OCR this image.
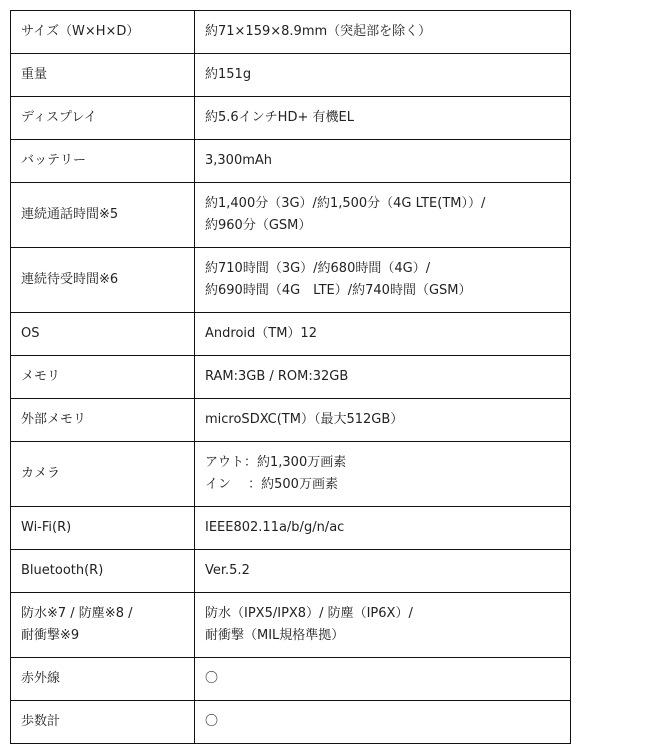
サイズ（W×H×D）	約71×159×8.9mm（突起部を除く）

重量	約151g

ディスプレイ	約5.6インチHD+ 有機EL

バッテリー	3,300mAh

連続通話時間※5	約1,400分（3G）/約1,500分（4G LTE(TM））/
約960分（GSM）

連続待受時間※6	約710時間（3G）/約680時間（4G）/
約690時間（4G　LTE）/約740時間（GSM）

OS	Android（TM）12

メモリ	RAM:3GB / ROM:32GB

外部メモリ	microSDXC(TM）（最大512GB）

カメラ	アウト：約1,300万画素
イン　 ：約500万画素

Wi-Fi(R)	IEEE802.11a/b/g/n/ac

Bluetooth(R)	Ver.5.2

防水※7 / 防塵※8 /
耐衝撃※9	防水（IPX5/IPX8）/ 防塵（IP6X）/
耐衝撃（MIL規格準拠）

赤外線	〇

歩数計	〇
